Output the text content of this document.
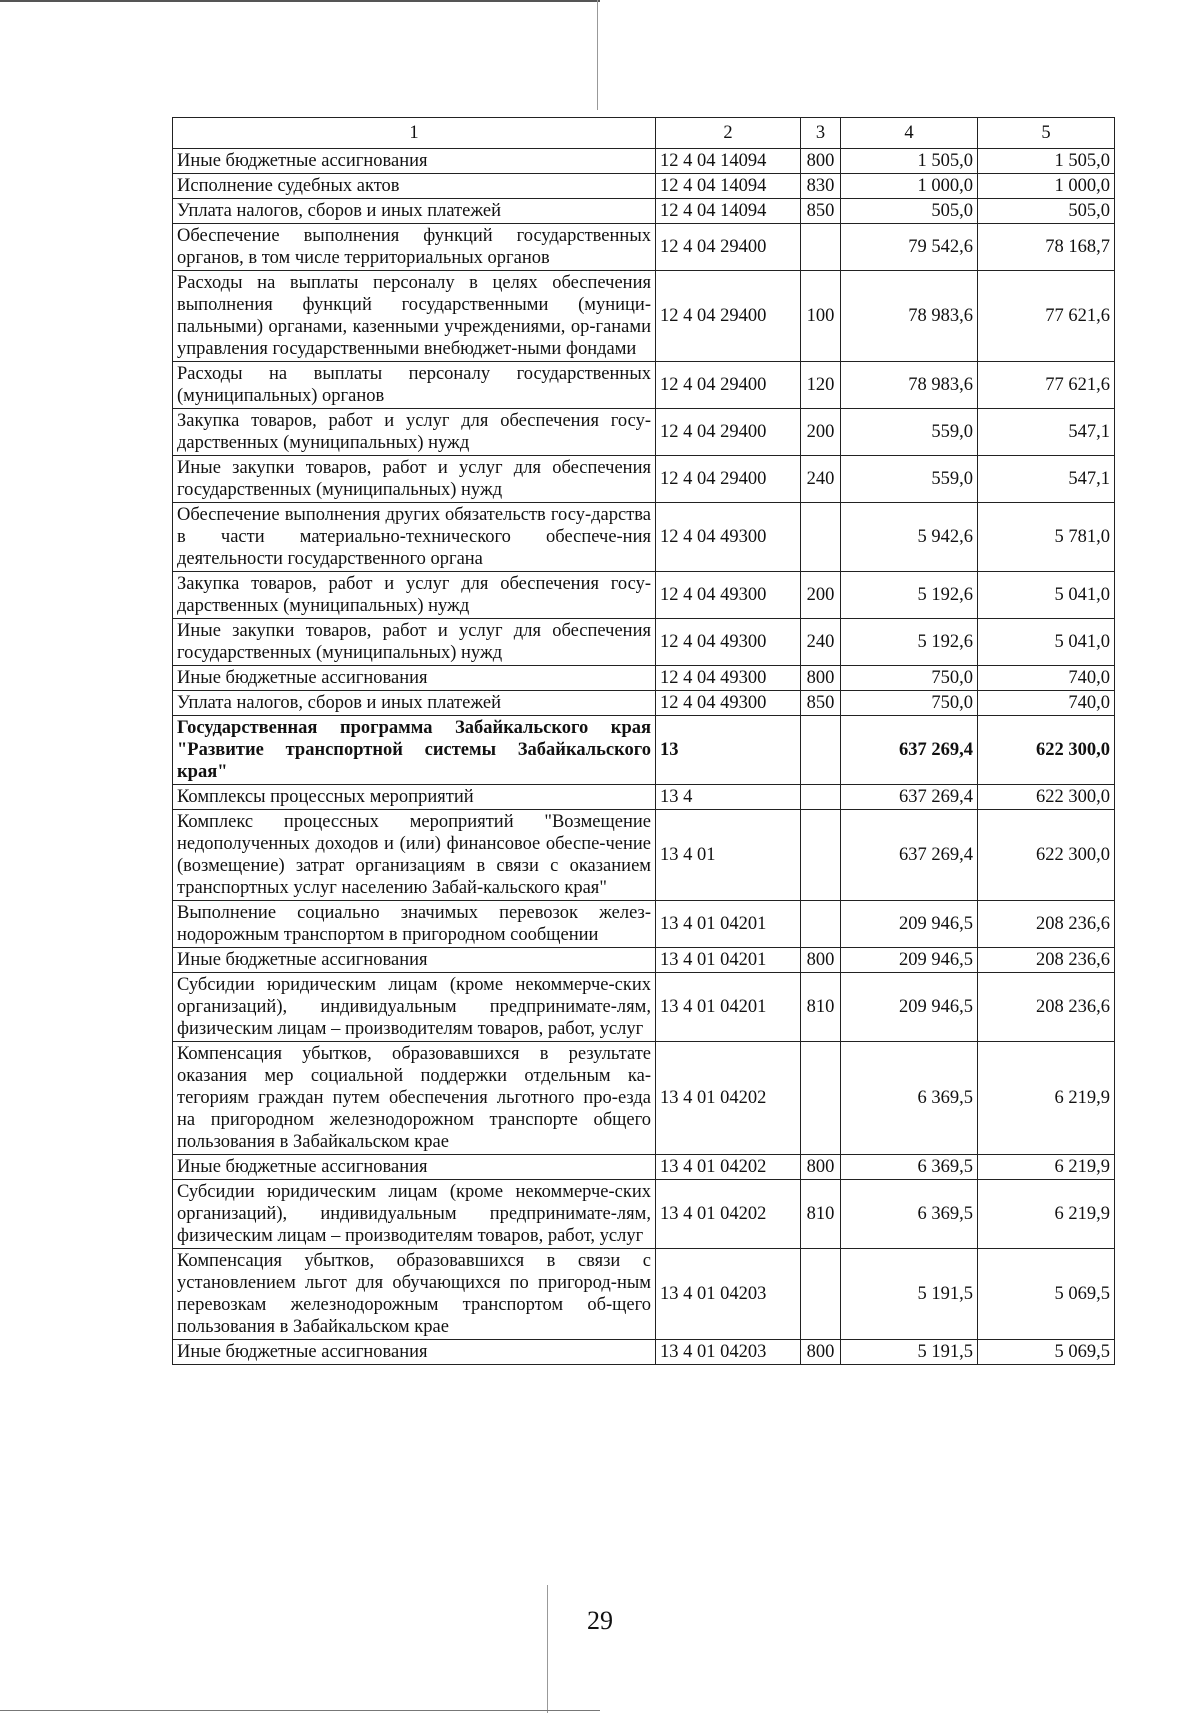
1	2	3	4	5
Иные бюджетные ассигнования	12 4 04 14094	800	1 505,0	1 505,0
Исполнение судебных актов	12 4 04 14094	830	1 000,0	1 000,0
Уплата налогов, сборов и иных платежей	12 4 04 14094	850	505,0	505,0
Обеспечение выполнения функций государственных органов, в том числе территориальных органов	12 4 04 29400		79 542,6	78 168,7
Расходы на выплаты персоналу в целях обеспечения выполнения функций государственными (муници-пальными) органами, казенными учреждениями, ор-ганами управления государственными внебюджет-ными фондами	12 4 04 29400	100	78 983,6	77 621,6
Расходы на выплаты персоналу государственных (муниципальных) органов	12 4 04 29400	120	78 983,6	77 621,6
Закупка товаров, работ и услуг для обеспечения госу-дарственных (муниципальных) нужд	12 4 04 29400	200	559,0	547,1
Иные закупки товаров, работ и услуг для обеспечения государственных (муниципальных) нужд	12 4 04 29400	240	559,0	547,1
Обеспечение выполнения других обязательств госу-дарства в части материально-технического обеспече-ния деятельности государственного органа	12 4 04 49300		5 942,6	5 781,0
Закупка товаров, работ и услуг для обеспечения госу-дарственных (муниципальных) нужд	12 4 04 49300	200	5 192,6	5 041,0
Иные закупки товаров, работ и услуг для обеспечения государственных (муниципальных) нужд	12 4 04 49300	240	5 192,6	5 041,0
Иные бюджетные ассигнования	12 4 04 49300	800	750,0	740,0
Уплата налогов, сборов и иных платежей	12 4 04 49300	850	750,0	740,0
Государственная программа Забайкальского края "Развитие транспортной системы Забайкальского края"	13		637 269,4	622 300,0
Комплексы процессных мероприятий	13 4		637 269,4	622 300,0
Комплекс процессных мероприятий "Возмещение недополученных доходов и (или) финансовое обеспе-чение (возмещение) затрат организациям в связи с оказанием транспортных услуг населению Забай-кальского края"	13 4 01		637 269,4	622 300,0
Выполнение социально значимых перевозок желез-нодорожным транспортом в пригородном сообщении	13 4 01 04201		209 946,5	208 236,6
Иные бюджетные ассигнования	13 4 01 04201	800	209 946,5	208 236,6
Субсидии юридическим лицам (кроме некоммерче-ских организаций), индивидуальным предпринимате-лям, физическим лицам – производителям товаров, работ, услуг	13 4 01 04201	810	209 946,5	208 236,6
Компенсация убытков, образовавшихся в результате оказания мер социальной поддержки отдельным ка-тегориям граждан путем обеспечения льготного про-езда на пригородном железнодорожном транспорте общего пользования в Забайкальском крае	13 4 01 04202		6 369,5	6 219,9
Иные бюджетные ассигнования	13 4 01 04202	800	6 369,5	6 219,9
Субсидии юридическим лицам (кроме некоммерче-ских организаций), индивидуальным предпринимате-лям, физическим лицам – производителям товаров, работ, услуг	13 4 01 04202	810	6 369,5	6 219,9
Компенсация убытков, образовавшихся в связи с установлением льгот для обучающихся по пригород-ным перевозкам железнодорожным транспортом об-щего пользования в Забайкальском крае	13 4 01 04203		5 191,5	5 069,5
Иные бюджетные ассигнования	13 4 01 04203	800	5 191,5	5 069,5
29
